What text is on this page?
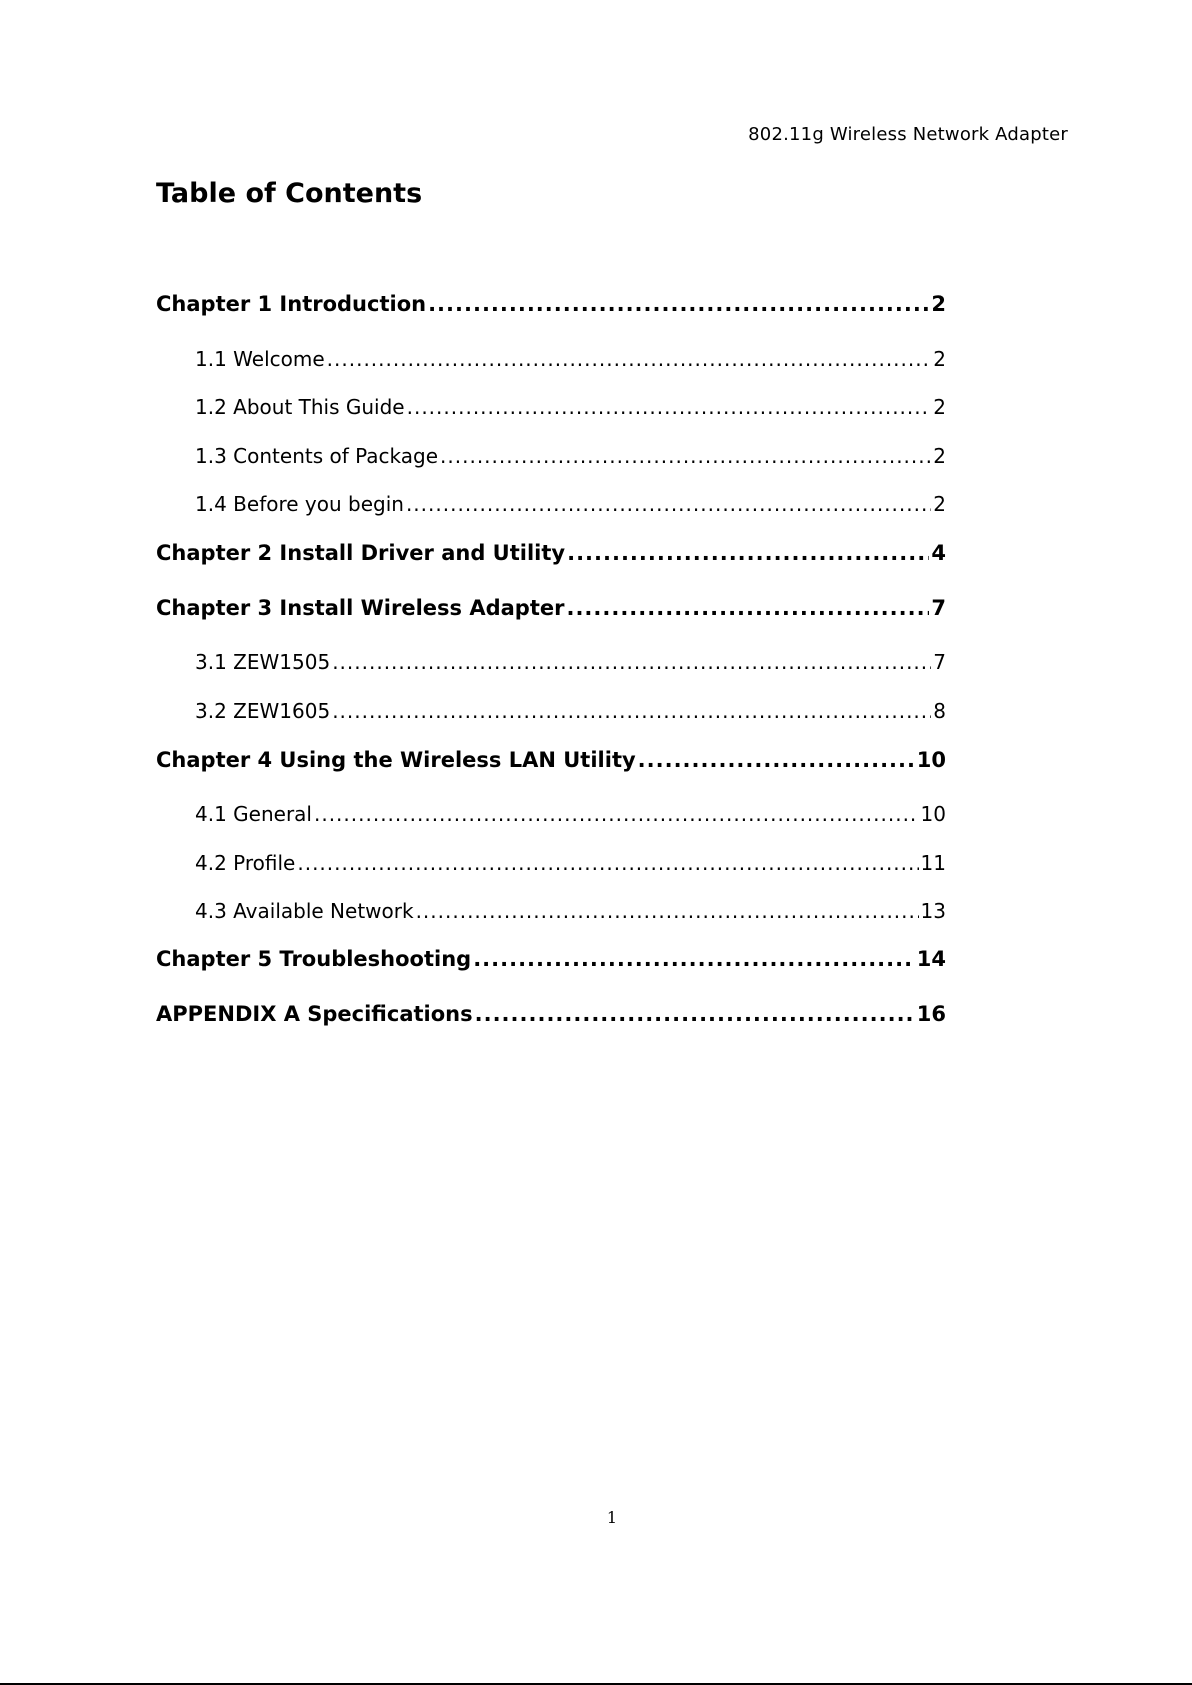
802.11g Wireless Network Adapter
Table of Contents
Chapter 1 Introduction .....	2
1.1 Welcome .....	2
1.2 About This Guide .....	2
1.3 Contents of Package .....	2
1.4 Before you begin .....	2
Chapter 2 Install Driver and Utility .....	4
Chapter 3 Install Wireless Adapter .....	7
3.1 ZEW1505 .....	7
3.2 ZEW1605 .....	8
Chapter 4 Using the Wireless LAN Utility .....	10
4.1 General .....	10
4.2 Profile .....	11
4.3 Available Network .....	13
Chapter 5 Troubleshooting .....	14
APPENDIX A Specifications .....	16
1
